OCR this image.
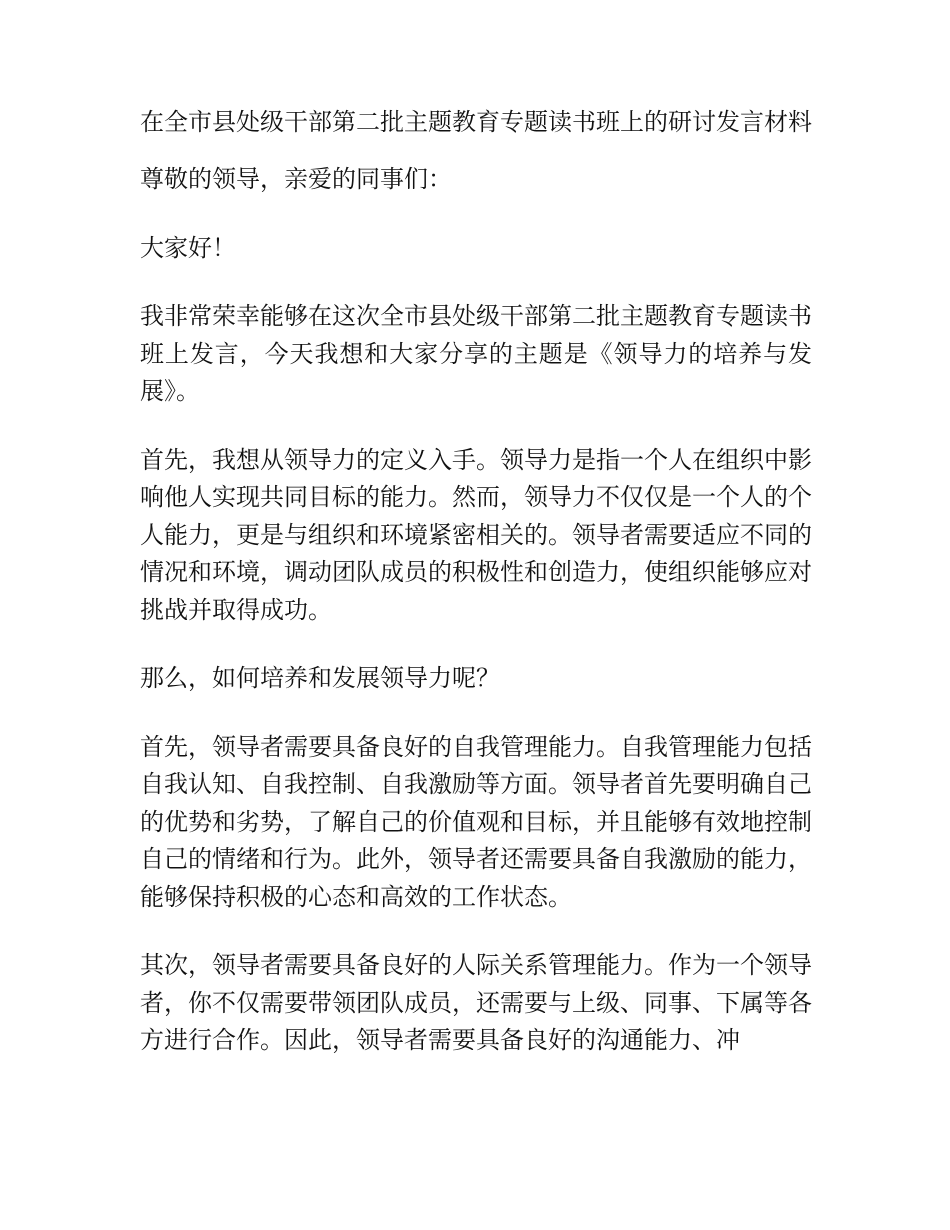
在全市县处级干部第二批主题教育专题读书班上的研讨发言材料

尊敬的领导，亲爱的同事们：

大家好！

我非常荣幸能够在这次全市县处级干部第二批主题教育专题读书班上发言，今天我想和大家分享的主题是《领导力的培养与发展》。

首先，我想从领导力的定义入手。领导力是指一个人在组织中影响他人实现共同目标的能力。然而，领导力不仅仅是一个人的个人能力，更是与组织和环境紧密相关的。领导者需要适应不同的情况和环境，调动团队成员的积极性和创造力，使组织能够应对挑战并取得成功。

那么，如何培养和发展领导力呢？

首先，领导者需要具备良好的自我管理能力。自我管理能力包括自我认知、自我控制、自我激励等方面。领导者首先要明确自己的优势和劣势，了解自己的价值观和目标，并且能够有效地控制自己的情绪和行为。此外，领导者还需要具备自我激励的能力，能够保持积极的心态和高效的工作状态。

其次，领导者需要具备良好的人际关系管理能力。作为一个领导者，你不仅需要带领团队成员，还需要与上级、同事、下属等各方进行合作。因此，领导者需要具备良好的沟通能力、冲
